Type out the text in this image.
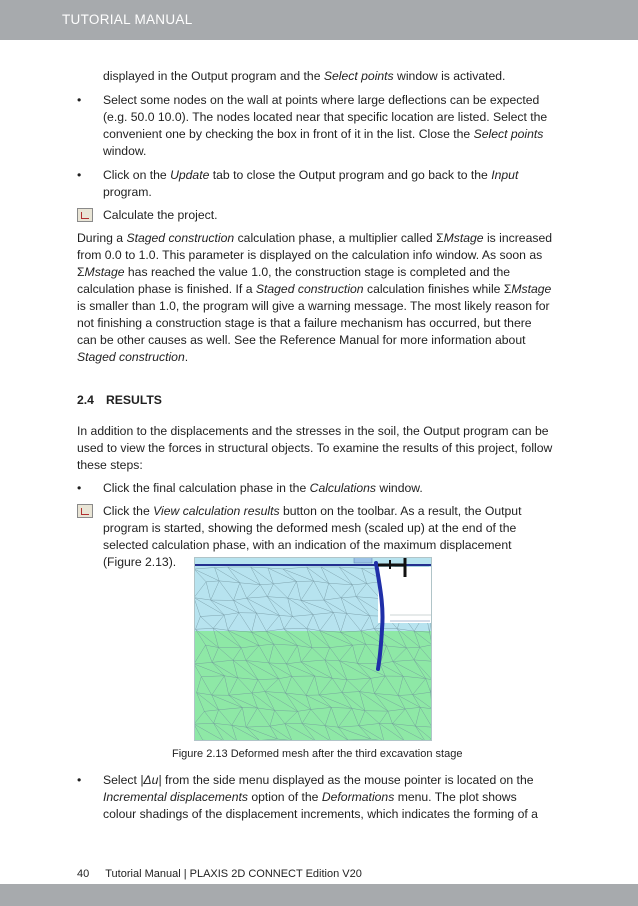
TUTORIAL MANUAL

displayed in the Output program and the Select points window is activated.

• Select some nodes on the wall at points where large deflections can be expected (e.g. 50.0 10.0). The nodes located near that specific location are listed. Select the convenient one by checking the box in front of it in the list. Close the Select points window.

• Click on the Update tab to close the Output program and go back to the Input program.

Calculate the project.

During a Staged construction calculation phase, a multiplier called ΣMstage is increased from 0.0 to 1.0. This parameter is displayed on the calculation info window. As soon as ΣMstage has reached the value 1.0, the construction stage is completed and the calculation phase is finished. If a Staged construction calculation finishes while ΣMstage is smaller than 1.0, the program will give a warning message. The most likely reason for not finishing a construction stage is that a failure mechanism has occurred, but there can be other causes as well. See the Reference Manual for more information about Staged construction.

2.4 RESULTS

In addition to the displacements and the stresses in the soil, the Output program can be used to view the forces in structural objects. To examine the results of this project, follow these steps:

• Click the final calculation phase in the Calculations window.

Click the View calculation results button on the toolbar. As a result, the Output program is started, showing the deformed mesh (scaled up) at the end of the selected calculation phase, with an indication of the maximum displacement (Figure 2.13).

Figure 2.13 Deformed mesh after the third excavation stage

• Select |Δu| from the side menu displayed as the mouse pointer is located on the Incremental displacements option of the Deformations menu. The plot shows colour shadings of the displacement increments, which indicates the forming of a

40 Tutorial Manual | PLAXIS 2D CONNECT Edition V20
